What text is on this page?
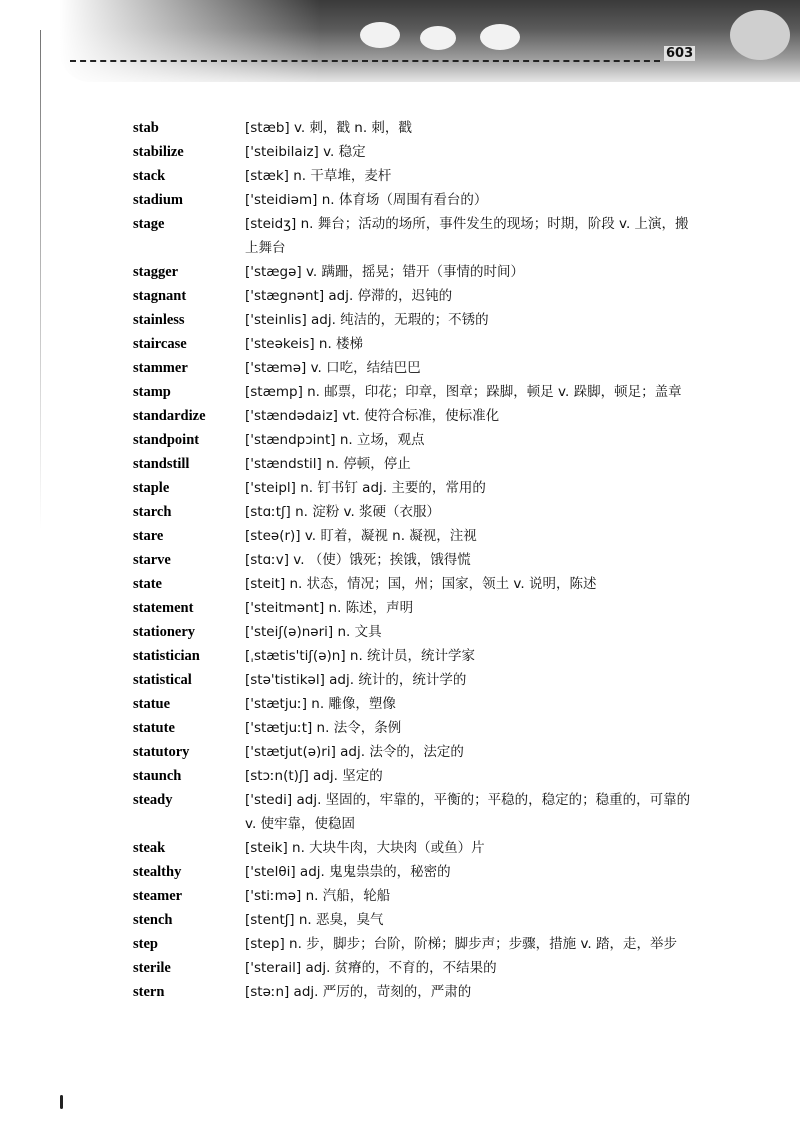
603
stab	[stæb] v. 刺，戳 n. 刺，戳
stabilize	['steibilaiz] v. 稳定
stack	[stæk] n. 干草堆，麦杆
stadium	['steidiəm] n. 体育场（周围有看台的）
stage	[steidʒ] n. 舞台；活动的场所，事件发生的现场；时期，阶段 v. 上演，搬上舞台
stagger	['stægə] v. 蹒跚，摇晃；错开（事情的时间）
stagnant	['stægnənt] adj. 停滞的，迟钝的
stainless	['steinlis] adj. 纯洁的，无瑕的；不锈的
staircase	['steəkeis] n. 楼梯
stammer	['stæmə] v. 口吃，结结巴巴
stamp	[stæmp] n. 邮票，印花；印章，图章；跺脚，顿足 v. 跺脚，顿足；盖章
standardize	['stændədaiz] vt. 使符合标准，使标准化
standpoint	['stændpɔint] n. 立场，观点
standstill	['stændstil] n. 停顿，停止
staple	['steipl] n. 钉书钉 adj. 主要的，常用的
starch	[stɑːtʃ] n. 淀粉 v. 浆硬（衣服）
stare	[steə(r)] v. 盯着，凝视 n. 凝视，注视
starve	[stɑːv] v. （使）饿死；挨饿，饿得慌
state	[steit] n. 状态，情况；国，州；国家，领土 v. 说明，陈述
statement	['steitmənt] n. 陈述，声明
stationery	['steiʃ(ə)nəri] n. 文具
statistician	[ˌstætis'tiʃ(ə)n] n. 统计员，统计学家
statistical	[stə'tistikəl] adj. 统计的，统计学的
statue	['stætjuː] n. 雕像，塑像
statute	['stætjuːt] n. 法令，条例
statutory	['stætjut(ə)ri] adj. 法令的，法定的
staunch	[stɔːn(t)ʃ] adj. 坚定的
steady	['stedi] adj. 坚固的，牢靠的，平衡的；平稳的，稳定的；稳重的，可靠的 v. 使牢靠，使稳固
steak	[steik] n. 大块牛肉，大块肉（或鱼）片
stealthy	['stelθi] adj. 鬼鬼祟祟的，秘密的
steamer	['stiːmə] n. 汽船，轮船
stench	[stentʃ] n. 恶臭，臭气
step	[step] n. 步，脚步；台阶，阶梯；脚步声；步骤，措施 v. 踏，走，举步
sterile	['sterail] adj. 贫瘠的，不育的，不结果的
stern	[stəːn] adj. 严厉的，苛刻的，严肃的
